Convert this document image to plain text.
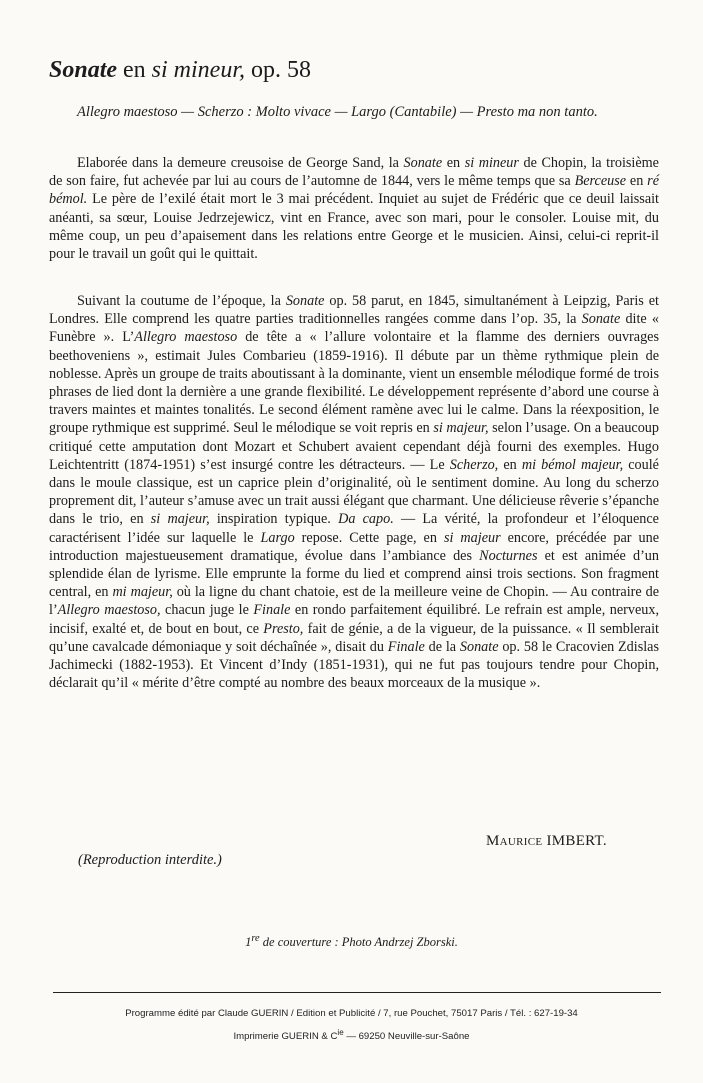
Sonate en si mineur, op. 58
Allegro maestoso — Scherzo : Molto vivace — Largo (Cantabile) — Presto ma non tanto.

Elaborée dans la demeure creusoise de George Sand, la Sonate en si mineur de Chopin, la troisième de son faire, fut achevée par lui au cours de l’automne de 1844, vers le même temps que sa Berceuse en ré bémol. Le père de l’exilé était mort le 3 mai précédent. Inquiet au sujet de Frédéric que ce deuil laissait anéanti, sa sœur, Louise Jedrzejewicz, vint en France, avec son mari, pour le consoler. Louise mit, du même coup, un peu d’apaisement dans les relations entre George et le musicien. Ainsi, celui-ci reprit-il pour le travail un goût qui le quittait.

Suivant la coutume de l’époque, la Sonate op. 58 parut, en 1845, simultanément à Leipzig, Paris et Londres. Elle comprend les quatre parties traditionnelles rangées comme dans l’op. 35, la Sonate dite « Funèbre ». L’Allegro maestoso de tête a « l’allure volontaire et la flamme des derniers ouvrages beethoveniens », estimait Jules Combarieu (1859-1916). Il débute par un thème rythmique plein de noblesse. Après un groupe de traits aboutissant à la dominante, vient un ensemble mélodique formé de trois phrases de lied dont la dernière a une grande flexibilité. Le développement représente d’abord une course à travers maintes et maintes tonalités. Le second élément ramène avec lui le calme. Dans la réexposition, le groupe rythmique est supprimé. Seul le mélodique se voit repris en si majeur, selon l’usage. On a beaucoup critiqué cette amputation dont Mozart et Schubert avaient cependant déjà fourni des exemples. Hugo Leichtentritt (1874-1951) s’est insurgé contre les détracteurs. — Le Scherzo, en mi bémol majeur, coulé dans le moule classique, est un caprice plein d’originalité, où le sentiment domine. Au long du scherzo proprement dit, l’auteur s’amuse avec un trait aussi élégant que charmant. Une délicieuse rêverie s’épanche dans le trio, en si majeur, inspiration typique. Da capo. — La vérité, la profondeur et l’éloquence caractérisent l’idée sur laquelle le Largo repose. Cette page, en si majeur encore, précédée par une introduction majestueusement dramatique, évolue dans l’ambiance des Nocturnes et est animée d’un splendide élan de lyrisme. Elle emprunte la forme du lied et comprend ainsi trois sections. Son fragment central, en mi majeur, où la ligne du chant chatoie, est de la meilleure veine de Chopin. — Au contraire de l’Allegro maestoso, chacun juge le Finale en rondo parfaitement équilibré. Le refrain est ample, nerveux, incisif, exalté et, de bout en bout, ce Presto, fait de génie, a de la vigueur, de la puissance. « Il semblerait qu’une cavalcade démoniaque y soit déchaînée », disait du Finale de la Sonate op. 58 le Cracovien Zdislas Jachimecki (1882-1953). Et Vincent d’Indy (1851-1931), qui ne fut pas toujours tendre pour Chopin, déclarait qu’il « mérite d’être compté au nombre des beaux morceaux de la musique ».

Maurice IMBERT.
(Reproduction interdite.)
1re de couverture : Photo Andrzej Zborski.
Programme édité par Claude GUERIN / Edition et Publicité / 7, rue Pouchet, 75017 Paris / Tél. : 627-19-34
Imprimerie GUERIN & $C^{ie}$ — 69250 Neuville-sur-Saône
